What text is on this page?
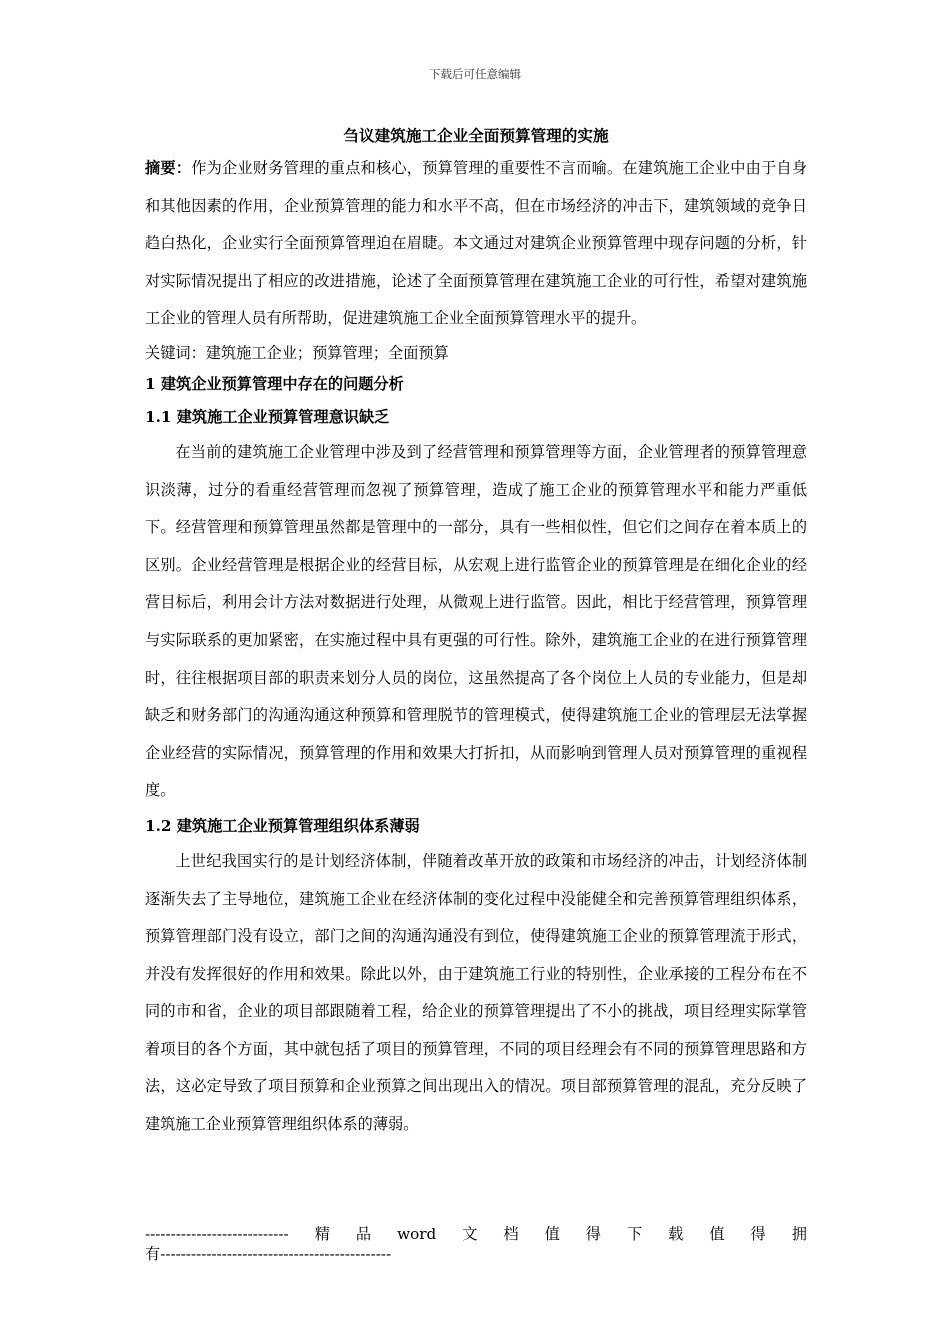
下载后可任意编辑

刍议建筑施工企业全面预算管理的实施

摘要：作为企业财务管理的重点和核心，预算管理的重要性不言而喻。在建筑施工企业中由于自身和其他因素的作用，企业预算管理的能力和水平不高，但在市场经济的冲击下，建筑领域的竞争日趋白热化，企业实行全面预算管理迫在眉睫。本文通过对建筑企业预算管理中现存问题的分析，针对实际情况提出了相应的改进措施，论述了全面预算管理在建筑施工企业的可行性，希望对建筑施工企业的管理人员有所帮助，促进建筑施工企业全面预算管理水平的提升。

关键词：建筑施工企业；预算管理；全面预算

1 建筑企业预算管理中存在的问题分析

1.1 建筑施工企业预算管理意识缺乏

在当前的建筑施工企业管理中涉及到了经营管理和预算管理等方面，企业管理者的预算管理意识淡薄，过分的看重经营管理而忽视了预算管理，造成了施工企业的预算管理水平和能力严重低下。经营管理和预算管理虽然都是管理中的一部分，具有一些相似性，但它们之间存在着本质上的区别。企业经营管理是根据企业的经营目标，从宏观上进行监管企业的预算管理是在细化企业的经营目标后，利用会计方法对数据进行处理，从微观上进行监管。因此，相比于经营管理，预算管理与实际联系的更加紧密，在实施过程中具有更强的可行性。除外，建筑施工企业的在进行预算管理时，往往根据项目部的职责来划分人员的岗位，这虽然提高了各个岗位上人员的专业能力，但是却缺乏和财务部门的沟通沟通这种预算和管理脱节的管理模式，使得建筑施工企业的管理层无法掌握企业经营的实际情况，预算管理的作用和效果大打折扣，从而影响到管理人员对预算管理的重视程度。

1.2 建筑施工企业预算管理组织体系薄弱

上世纪我国实行的是计划经济体制，伴随着改革开放的政策和市场经济的冲击，计划经济体制逐渐失去了主导地位，建筑施工企业在经济体制的变化过程中没能健全和完善预算管理组织体系，预算管理部门没有设立，部门之间的沟通沟通没有到位，使得建筑施工企业的预算管理流于形式，并没有发挥很好的作用和效果。除此以外，由于建筑施工行业的特别性，企业承接的工程分布在不同的市和省，企业的项目部跟随着工程，给企业的预算管理提出了不小的挑战，项目经理实际掌管着项目的各个方面，其中就包括了项目的预算管理，不同的项目经理会有不同的预算管理思路和方法，这必定导致了项目预算和企业预算之间出现出入的情况。项目部预算管理的混乱，充分反映了建筑施工企业预算管理组织体系的薄弱。

---------------------------- 精 品 word 文 档 值 得 下 载 值 得 拥
有---------------------------------------------
